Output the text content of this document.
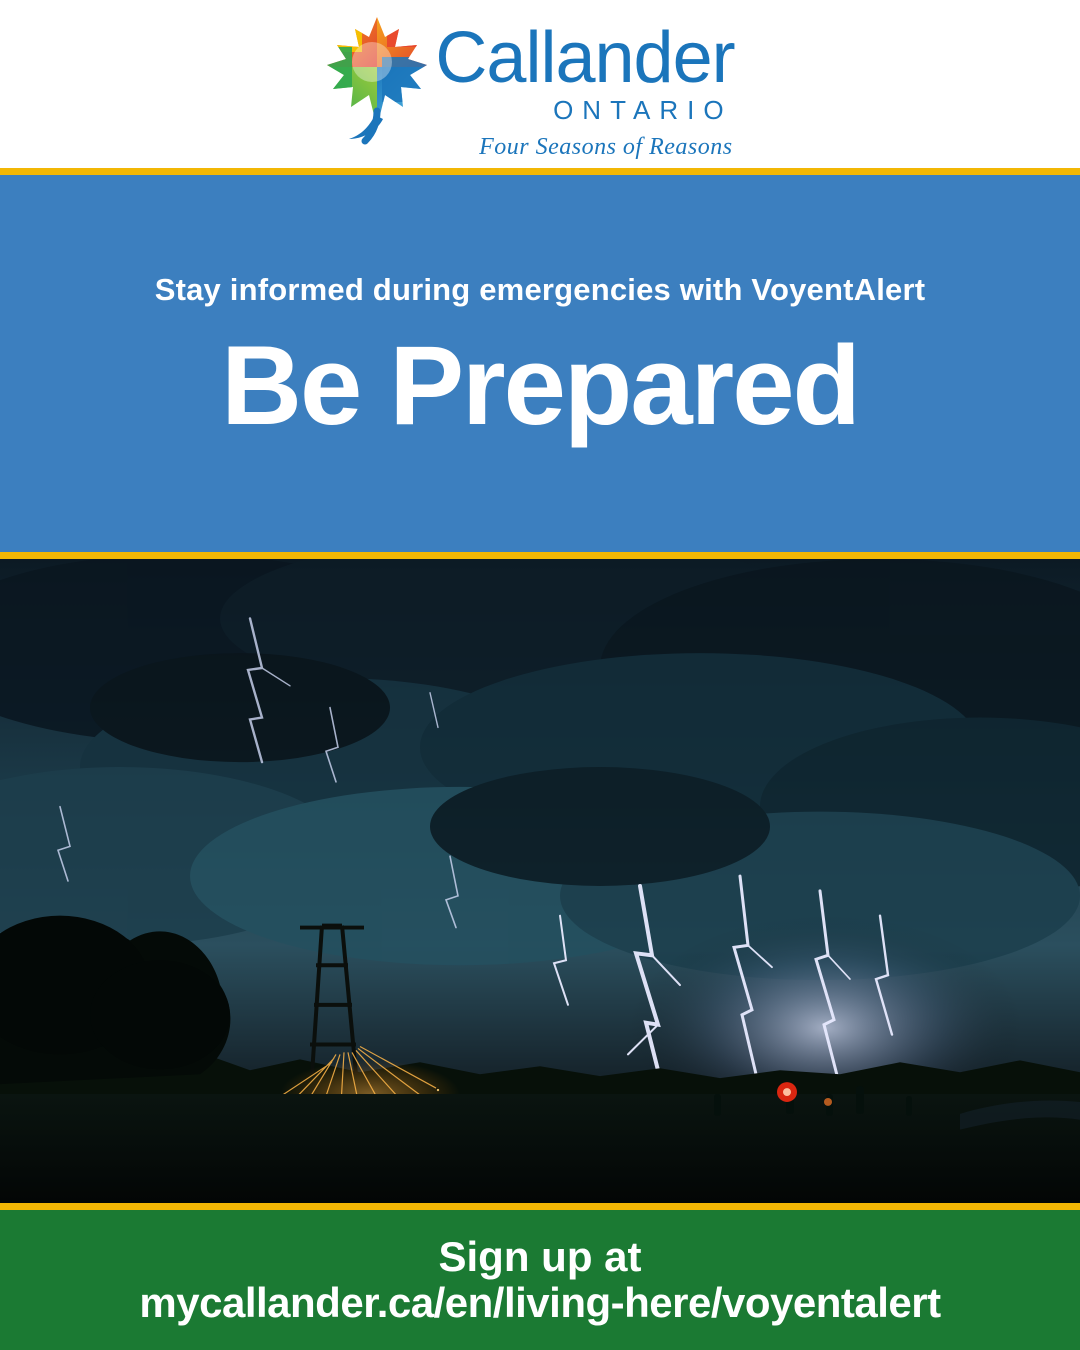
Callander
ONTARIO
Four Seasons of Reasons
Stay informed during emergencies with VoyentAlert
Be Prepared
Sign up at
mycallander.ca/en/living-here/voyentalert
